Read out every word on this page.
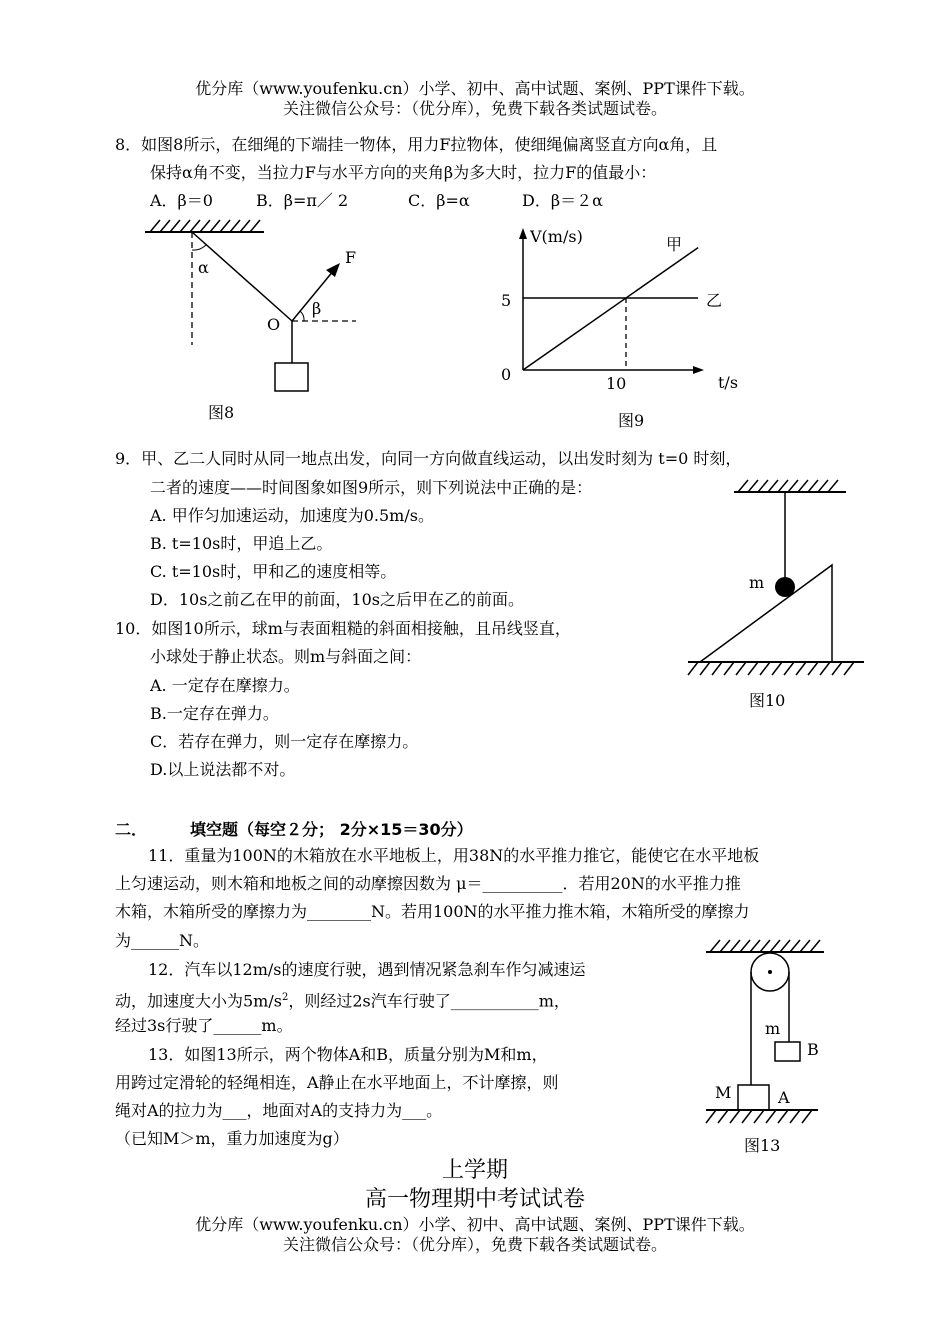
优分库（www.youfenku.cn）小学、初中、高中试题、案例、PPT课件下载。
关注微信公众号：（优分库），免费下载各类试题试卷。
8．如图8所示，在细绳的下端挂一物体，用力F拉物体，使细绳偏离竖直方向α角，且
保持α角不变，当拉力F与水平方向的夹角β为多大时，拉力F的值最小：
A．β＝0	B．β=π／ 2	C．β=α	D．β＝２α
α
F
β
O
图8
V(m/s)
t/s
0
5
10
甲
乙
图9
9．甲、乙二人同时从同一地点出发，向同一方向做直线运动，以出发时刻为 t=0 时刻，
二者的速度——时间图象如图9所示，则下列说法中正确的是：
A. 甲作匀加速运动，加速度为0.5m/s。
B. t=10s时，甲追上乙。
C. t=10s时，甲和乙的速度相等。
D．10s之前乙在甲的前面，10s之后甲在乙的前面。
m
图10
10．如图10所示，球m与表面粗糙的斜面相接触，且吊线竖直，
小球处于静止状态。则m与斜面之间：
A. 一定存在摩擦力。
B.一定存在弹力。
C．若存在弹力，则一定存在摩擦力。
D.以上说法都不对。
二．	填空题（每空２分； 2分×15＝30分）
11．重量为100N的木箱放在水平地板上，用38N的水平推力推它，能使它在水平地板
上匀速运动，则木箱和地板之间的动摩擦因数为 μ＝__________．若用20N的水平推力推
木箱，木箱所受的摩擦力为________N。若用100N的水平推力推木箱，木箱所受的摩擦力
为______N。
12．汽车以12m/s的速度行驶，遇到情况紧急刹车作匀减速运
动，加速度大小为$5m/s^2$，则经过2s汽车行驶了___________m，
经过3s行驶了______m。
13．如图13所示，两个物体A和B，质量分别为M和m，
用跨过定滑轮的轻绳相连，A静止在水平地面上，不计摩擦，则
绳对A的拉力为___，地面对A的支持力为___。
（已知M＞m，重力加速度为g）
m
B
M	A
图13
上学期
高一物理期中考试试卷
优分库（www.youfenku.cn）小学、初中、高中试题、案例、PPT课件下载。
关注微信公众号：（优分库），免费下载各类试题试卷。
